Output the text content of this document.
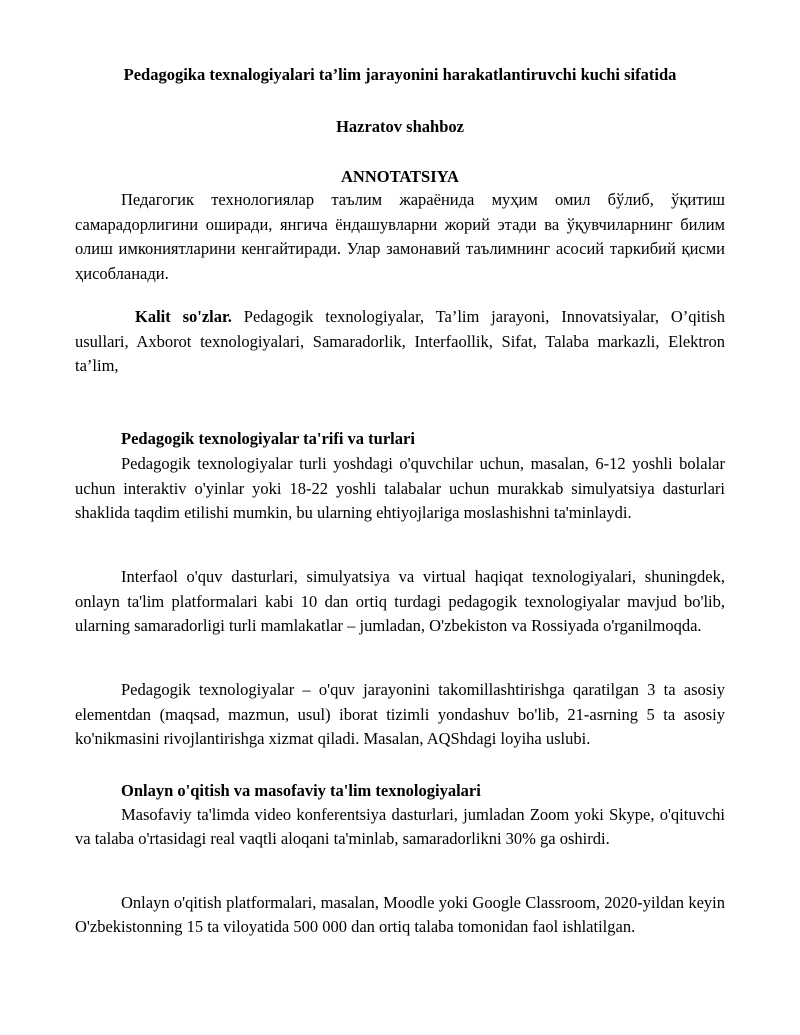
Pedagogika texnalogiyalari ta’lim jarayonini harakatlantiruvchi kuchi sifatida

Hazratov shahboz

ANNOTATSIYA

Педагогик технологиялар таълим жараёнида муҳим омил бўлиб, ўқитиш самарадорлигини оширади, янгича ёндашувларни жорий этади ва ўқувчиларнинг билим олиш имкониятларини кенгайтиради. Улар замонавий таълимнинг асосий таркибий қисми ҳисобланади.

Kalit so'zlar. Pedagogik texnologiyalar, Ta’lim jarayoni, Innovatsiyalar, O’qitish usullari, Axborot texnologiyalari, Samaradorlik, Interfaollik, Sifat, Talaba markazli, Elektron ta’lim,

Pedagogik texnologiyalar ta'rifi va turlari

Pedagogik texnologiyalar turli yoshdagi o'quvchilar uchun, masalan, 6-12 yoshli bolalar uchun interaktiv o'yinlar yoki 18-22 yoshli talabalar uchun murakkab simulyatsiya dasturlari shaklida taqdim etilishi mumkin, bu ularning ehtiyojlariga moslashishni ta'minlaydi.

Interfaol o'quv dasturlari, simulyatsiya va virtual haqiqat texnologiyalari, shuningdek, onlayn ta'lim platformalari kabi 10 dan ortiq turdagi pedagogik texnologiyalar mavjud bo'lib, ularning samaradorligi turli mamlakatlar – jumladan, O'zbekiston va Rossiyada o'rganilmoqda.

Pedagogik texnologiyalar – o'quv jarayonini takomillashtirishga qaratilgan 3 ta asosiy elementdan (maqsad, mazmun, usul) iborat tizimli yondashuv bo'lib, 21-asrning 5 ta asosiy ko'nikmasini rivojlantirishga xizmat qiladi. Masalan, AQShdagi loyiha uslubi.

Onlayn o'qitish va masofaviy ta'lim texnologiyalari

Masofaviy ta'limda video konferentsiya dasturlari, jumladan Zoom yoki Skype, o'qituvchi va talaba o'rtasidagi real vaqtli aloqani ta'minlab, samaradorlikni 30% ga oshirdi.

Onlayn o'qitish platformalari, masalan, Moodle yoki Google Classroom, 2020-yildan keyin O'zbekistonning 15 ta viloyatida 500 000 dan ortiq talaba tomonidan faol ishlatilgan.
